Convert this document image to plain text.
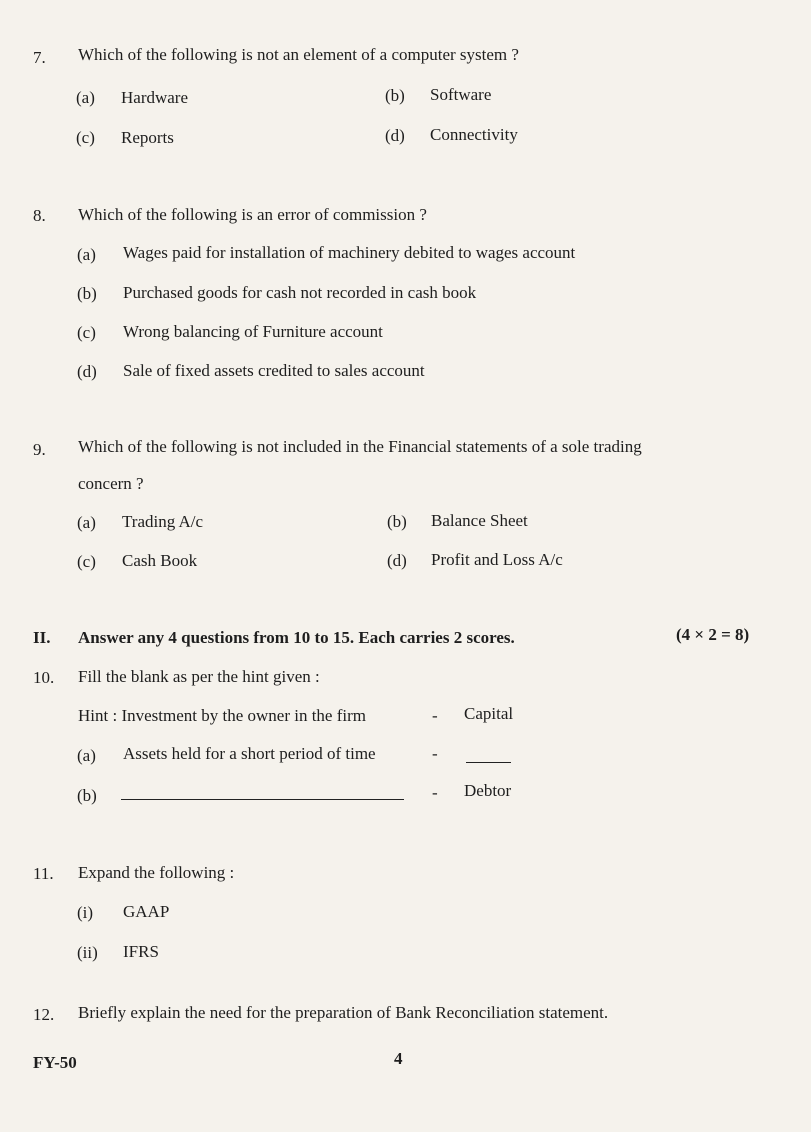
7. Which of the following is not an element of a computer system ?
(a) Hardware	(b) Software
(c) Reports	(d) Connectivity
8. Which of the following is an error of commission ?
(a) Wages paid for installation of machinery debited to wages account
(b) Purchased goods for cash not recorded in cash book
(c) Wrong balancing of Furniture account
(d) Sale of fixed assets credited to sales account
9. Which of the following is not included in the Financial statements of a sole trading
concern ?
(a) Trading A/c	(b) Balance Sheet
(c) Cash Book	(d) Profit and Loss A/c
II. Answer any 4 questions from 10 to 15. Each carries 2 scores.	(4 × 2 = 8)
10. Fill the blank as per the hint given :
Hint : Investment by the owner in the firm	- Capital
(a) Assets held for a short period of time	-
(b)	- Debtor
11. Expand the following :
(i) GAAP
(ii) IFRS
12. Briefly explain the need for the preparation of Bank Reconciliation statement.
FY-50	4
